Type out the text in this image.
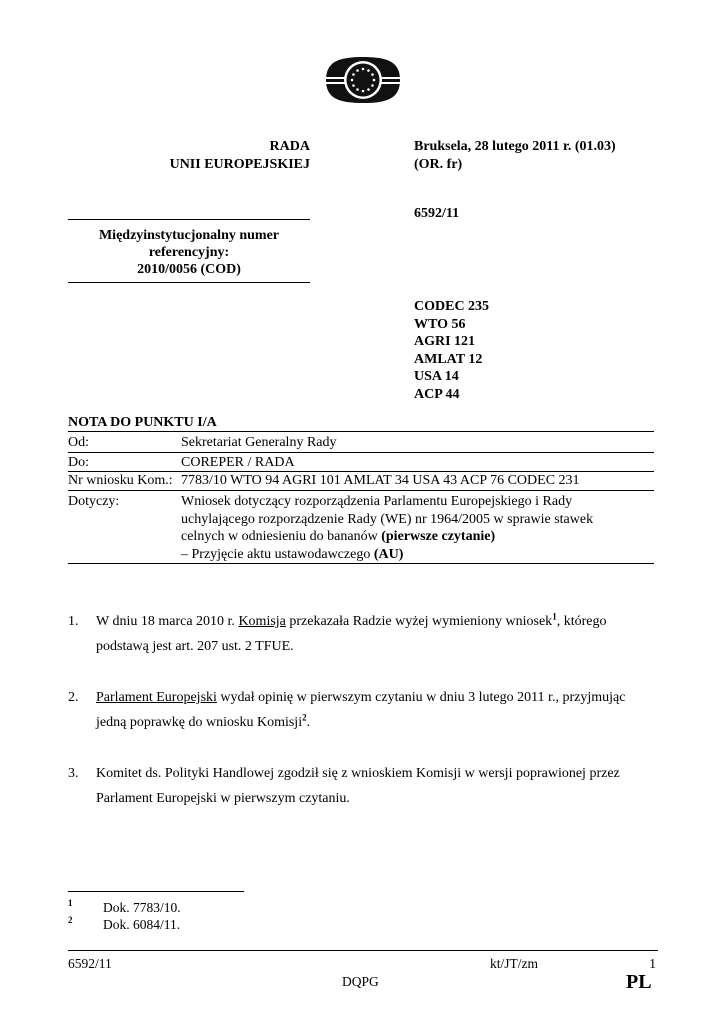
RADA
UNII EUROPEJSKIEJ
Bruksela, 28 lutego 2011 r. (01.03)
(OR. fr)
6592/11
Międzyinstytucjonalny numer
referencyjny:
2010/0056 (COD)
CODEC 235
WTO 56
AGRI 121
AMLAT 12
USA 14
ACP 44
NOTA DO PUNKTU I/A
Od:	Sekretariat Generalny Rady
Do:	COREPER / RADA
Nr wniosku Kom.: 7783/10 WTO 94 AGRI 101 AMLAT 34 USA 43 ACP 76 CODEC 231
Dotyczy:	Wniosek dotyczący rozporządzenia Parlamentu Europejskiego i Rady
uchylającego rozporządzenie Rady (WE) nr 1964/2005 w sprawie stawek
celnych w odniesieniu do bananów (pierwsze czytanie)
– Przyjęcie aktu ustawodawczego (AU)
1. W dniu 18 marca 2010 r. Komisja przekazała Radzie wyżej wymieniony wniosek$^1$, którego
podstawą jest art. 207 ust. 2 TFUE.
2. Parlament Europejski wydał opinię w pierwszym czytaniu w dniu 3 lutego 2011 r., przyjmując
jedną poprawkę do wniosku Komisji$^2$.
3. Komitet ds. Polityki Handlowej zgodził się z wnioskiem Komisji w wersji poprawionej przez
Parlament Europejski w pierwszym czytaniu.
1 Dok. 7783/10.
2 Dok. 6084/11.
6592/11	kt/JT/zm	1
DQPG	PL
